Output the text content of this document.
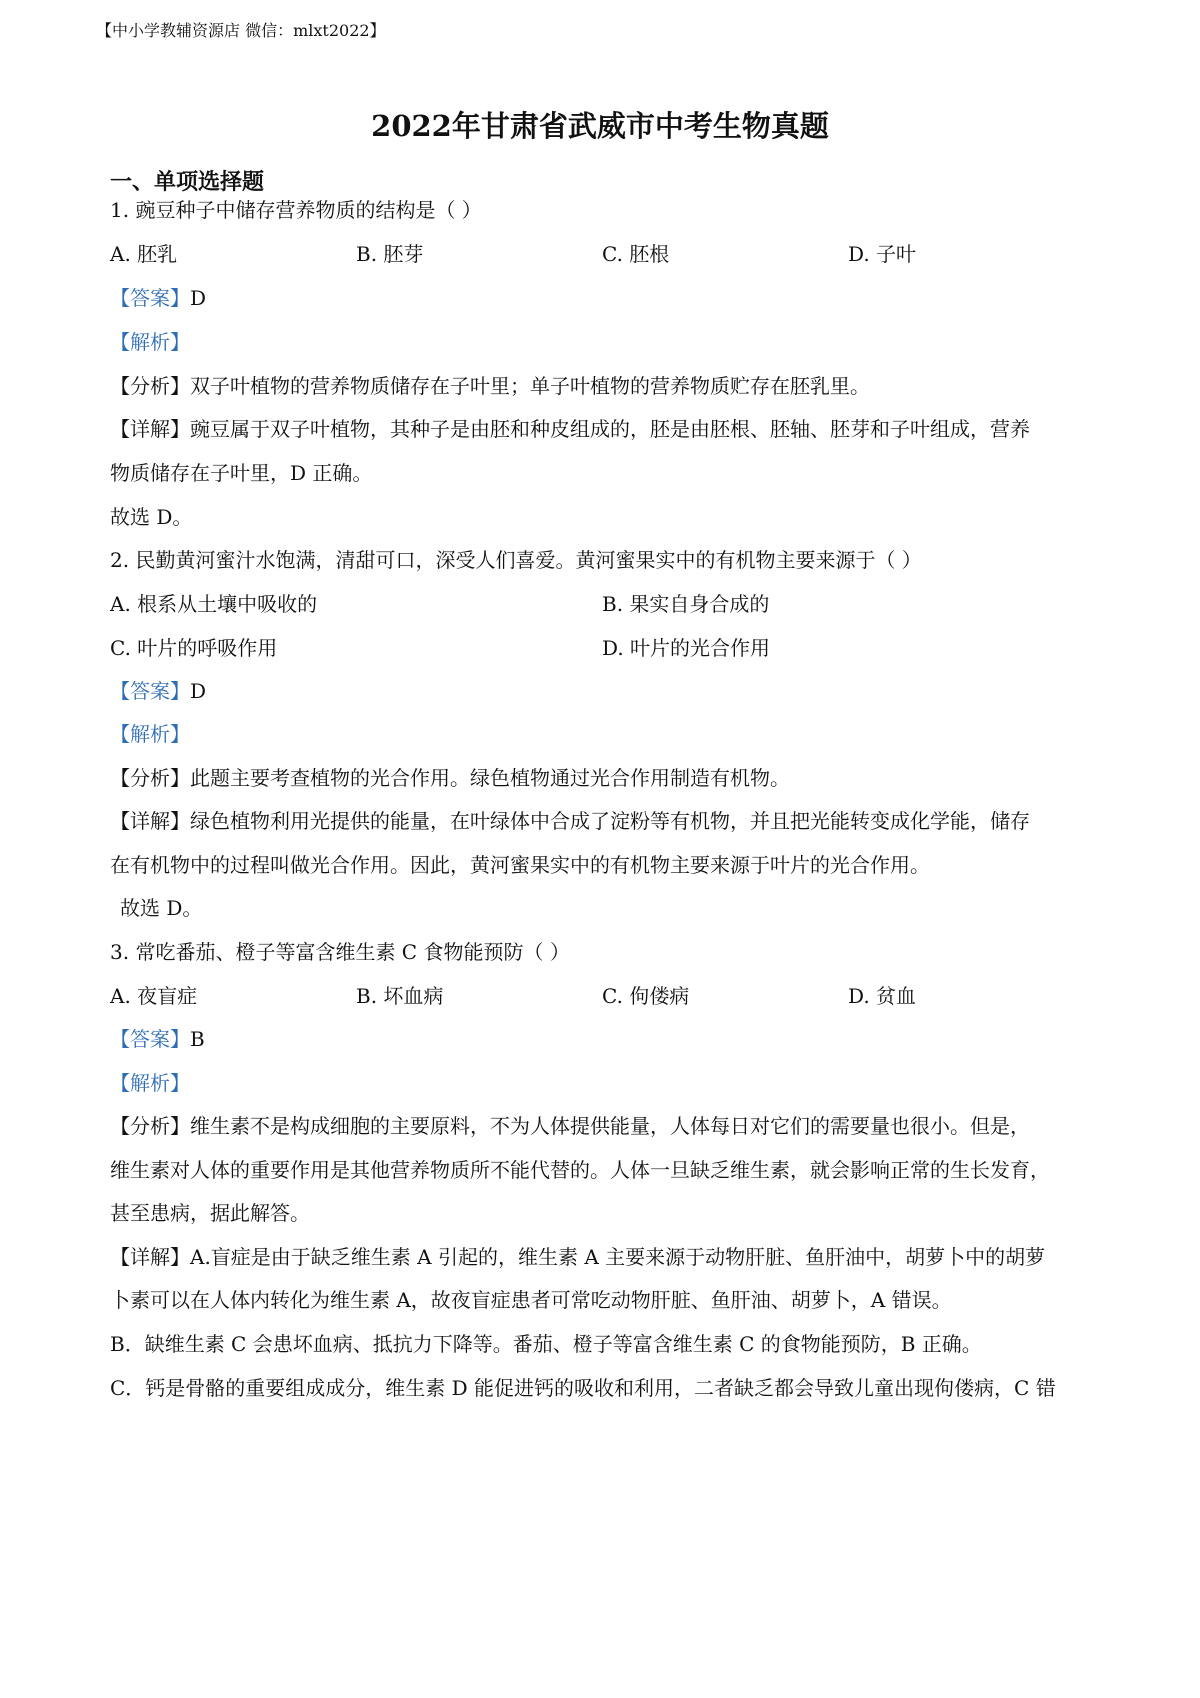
【中小学教辅资源店 微信：mlxt2022】
2022年甘肃省武威市中考生物真题
一、单项选择题
1. 豌豆种子中储存营养物质的结构是（ ）
A. 胚乳	B. 胚芽	C. 胚根	D. 子叶
【答案】D
【解析】
【分析】双子叶植物的营养物质储存在子叶里；单子叶植物的营养物质贮存在胚乳里。
【详解】豌豆属于双子叶植物，其种子是由胚和种皮组成的，胚是由胚根、胚轴、胚芽和子叶组成，营养
物质储存在子叶里，D 正确。
故选 D。
2. 民勤黄河蜜汁水饱满，清甜可口，深受人们喜爱。黄河蜜果实中的有机物主要来源于（ ）
A. 根系从土壤中吸收的	B. 果实自身合成的
C. 叶片的呼吸作用	D. 叶片的光合作用
【答案】D
【解析】
【分析】此题主要考查植物的光合作用。绿色植物通过光合作用制造有机物。
【详解】绿色植物利用光提供的能量，在叶绿体中合成了淀粉等有机物，并且把光能转变成化学能，储存
在有机物中的过程叫做光合作用。因此，黄河蜜果实中的有机物主要来源于叶片的光合作用。
故选 D。
3. 常吃番茄、橙子等富含维生素 C 食物能预防（ ）
A. 夜盲症	B. 坏血病	C. 佝偻病	D. 贫血
【答案】B
【解析】
【分析】维生素不是构成细胞的主要原料，不为人体提供能量，人体每日对它们的需要量也很小。但是，
维生素对人体的重要作用是其他营养物质所不能代替的。人体一旦缺乏维生素，就会影响正常的生长发育，
甚至患病，据此解答。
【详解】A.盲症是由于缺乏维生素 A 引起的，维生素 A 主要来源于动物肝脏、鱼肝油中，胡萝卜中的胡萝
卜素可以在人体内转化为维生素 A，故夜盲症患者可常吃动物肝脏、鱼肝油、胡萝卜，A 错误。
B．缺维生素 C 会患坏血病、抵抗力下降等。番茄、橙子等富含维生素 C 的食物能预防，B 正确。
C．钙是骨骼的重要组成成分，维生素 D 能促进钙的吸收和利用，二者缺乏都会导致儿童出现佝偻病，C 错
